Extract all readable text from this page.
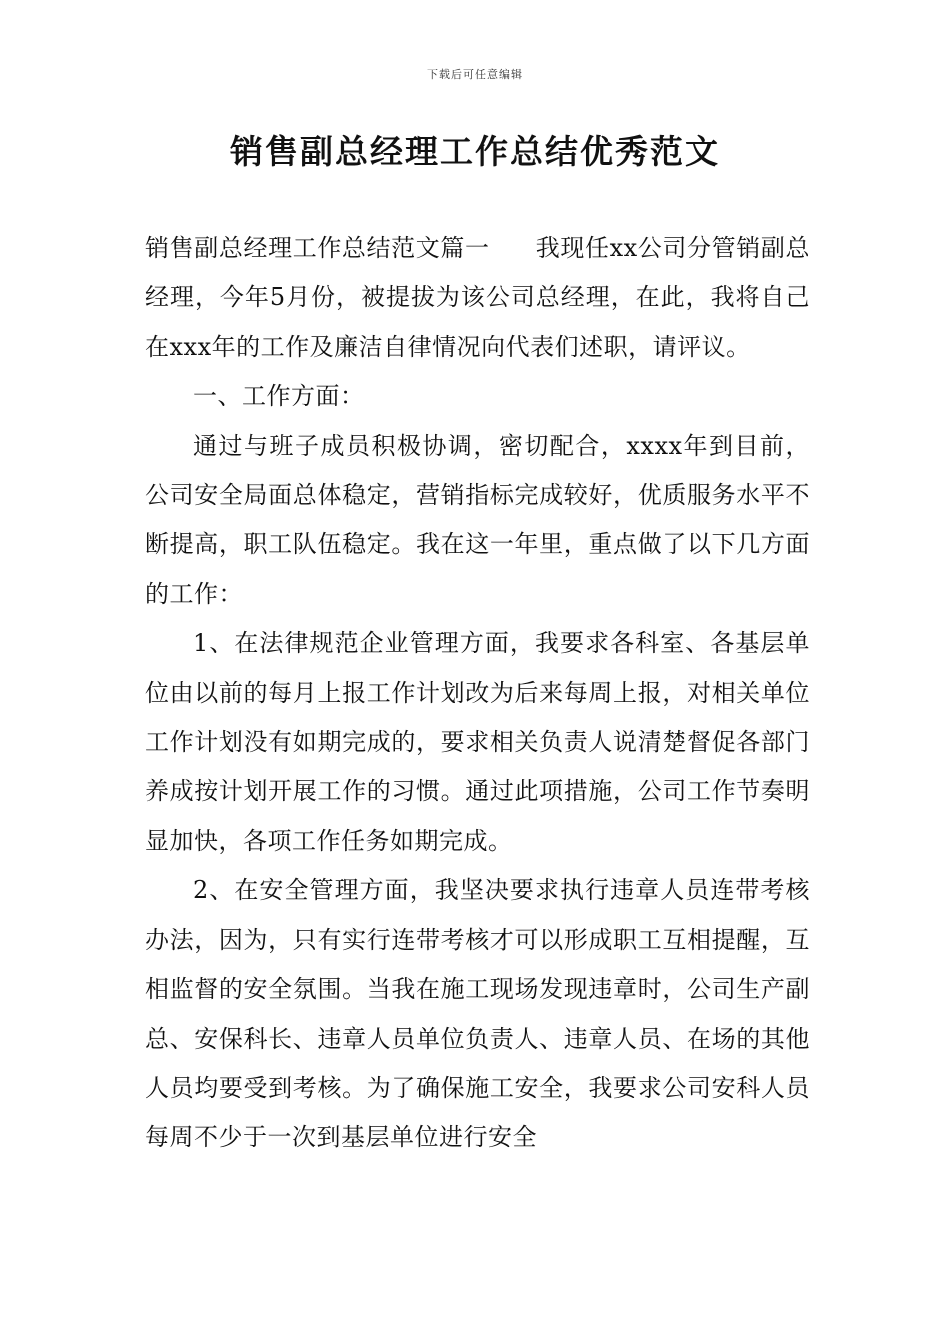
下载后可任意编辑
销售副总经理工作总结优秀范文

销售副总经理工作总结范文篇一 我现任xx公司分管销副总经理，今年5月份，被提拔为该公司总经理，在此，我将自己在xxx年的工作及廉洁自律情况向代表们述职，请评议。

一、工作方面：

通过与班子成员积极协调，密切配合，xxxx年到目前，公司安全局面总体稳定，营销指标完成较好，优质服务水平不断提高，职工队伍稳定。我在这一年里，重点做了以下几方面的工作：

1、在法律规范企业管理方面，我要求各科室、各基层单位由以前的每月上报工作计划改为后来每周上报，对相关单位工作计划没有如期完成的，要求相关负责人说清楚督促各部门养成按计划开展工作的习惯。通过此项措施，公司工作节奏明显加快，各项工作任务如期完成。

2、在安全管理方面，我坚决要求执行违章人员连带考核办法，因为，只有实行连带考核才可以形成职工互相提醒，互相监督的安全氛围。当我在施工现场发现违章时，公司生产副总、安保科长、违章人员单位负责人、违章人员、在场的其他人员均要受到考核。为了确保施工安全，我要求公司安科人员每周不少于一次到基层单位进行安全
